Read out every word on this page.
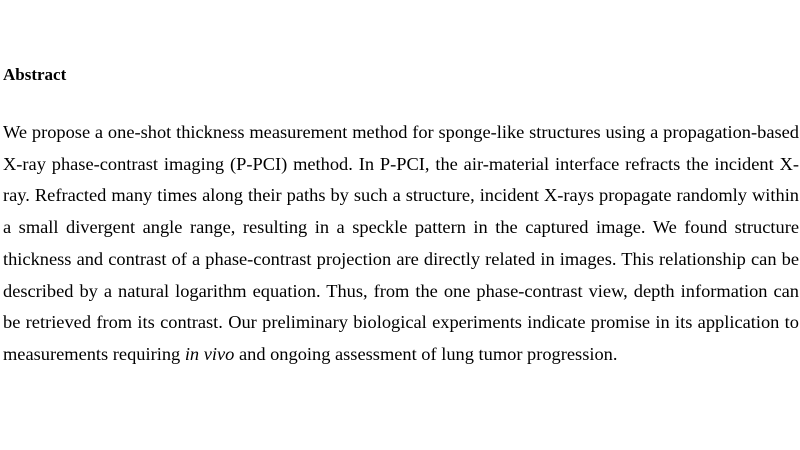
Abstract

We propose a one-shot thickness measurement method for sponge-like structures using a propagation-based X-ray phase-contrast imaging (P-PCI) method. In P-PCI, the air-material interface refracts the incident X-ray. Refracted many times along their paths by such a structure, incident X-rays propagate randomly within a small divergent angle range, resulting in a speckle pattern in the captured image. We found structure thickness and contrast of a phase-contrast projection are directly related in images. This relationship can be described by a natural logarithm equation. Thus, from the one phase-contrast view, depth information can be retrieved from its contrast. Our preliminary biological experiments indicate promise in its application to measurements requiring in vivo and ongoing assessment of lung tumor progression.
